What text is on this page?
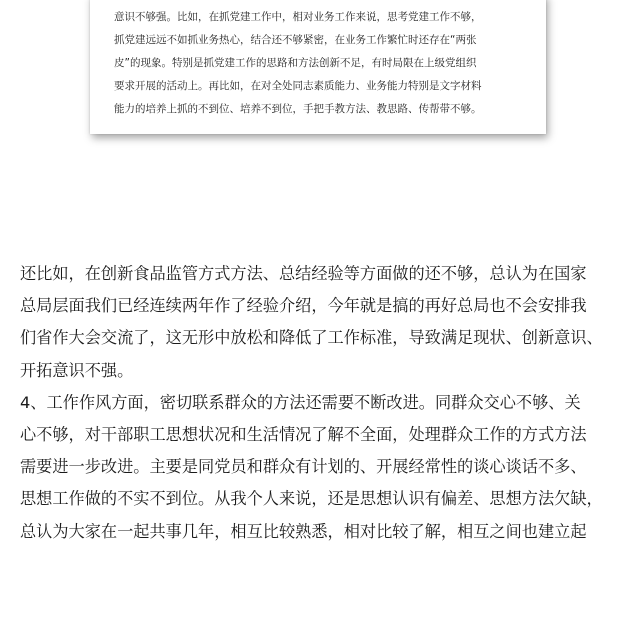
意识不够强。比如，在抓党建工作中，相对业务工作来说，思考党建工作不够，
抓党建远远不如抓业务热心，结合还不够紧密，在业务工作繁忙时还存在“两张
皮”的现象。特别是抓党建工作的思路和方法创新不足，有时局限在上级党组织
要求开展的活动上。再比如，在对全处同志素质能力、业务能力特别是文字材料
能力的培养上抓的不到位、培养不到位，手把手教方法、教思路、传帮带不够。
还比如，在创新食品监管方式方法、总结经验等方面做的还不够，总认为在国家
总局层面我们已经连续两年作了经验介绍，今年就是搞的再好总局也不会安排我
们省作大会交流了，这无形中放松和降低了工作标准，导致满足现状、创新意识、
开拓意识不强。
4、工作作风方面，密切联系群众的方法还需要不断改进。同群众交心不够、关
心不够，对干部职工思想状况和生活情况了解不全面，处理群众工作的方式方法
需要进一步改进。主要是同党员和群众有计划的、开展经常性的谈心谈话不多、
思想工作做的不实不到位。从我个人来说，还是思想认识有偏差、思想方法欠缺，
总认为大家在一起共事几年，相互比较熟悉，相对比较了解，相互之间也建立起
